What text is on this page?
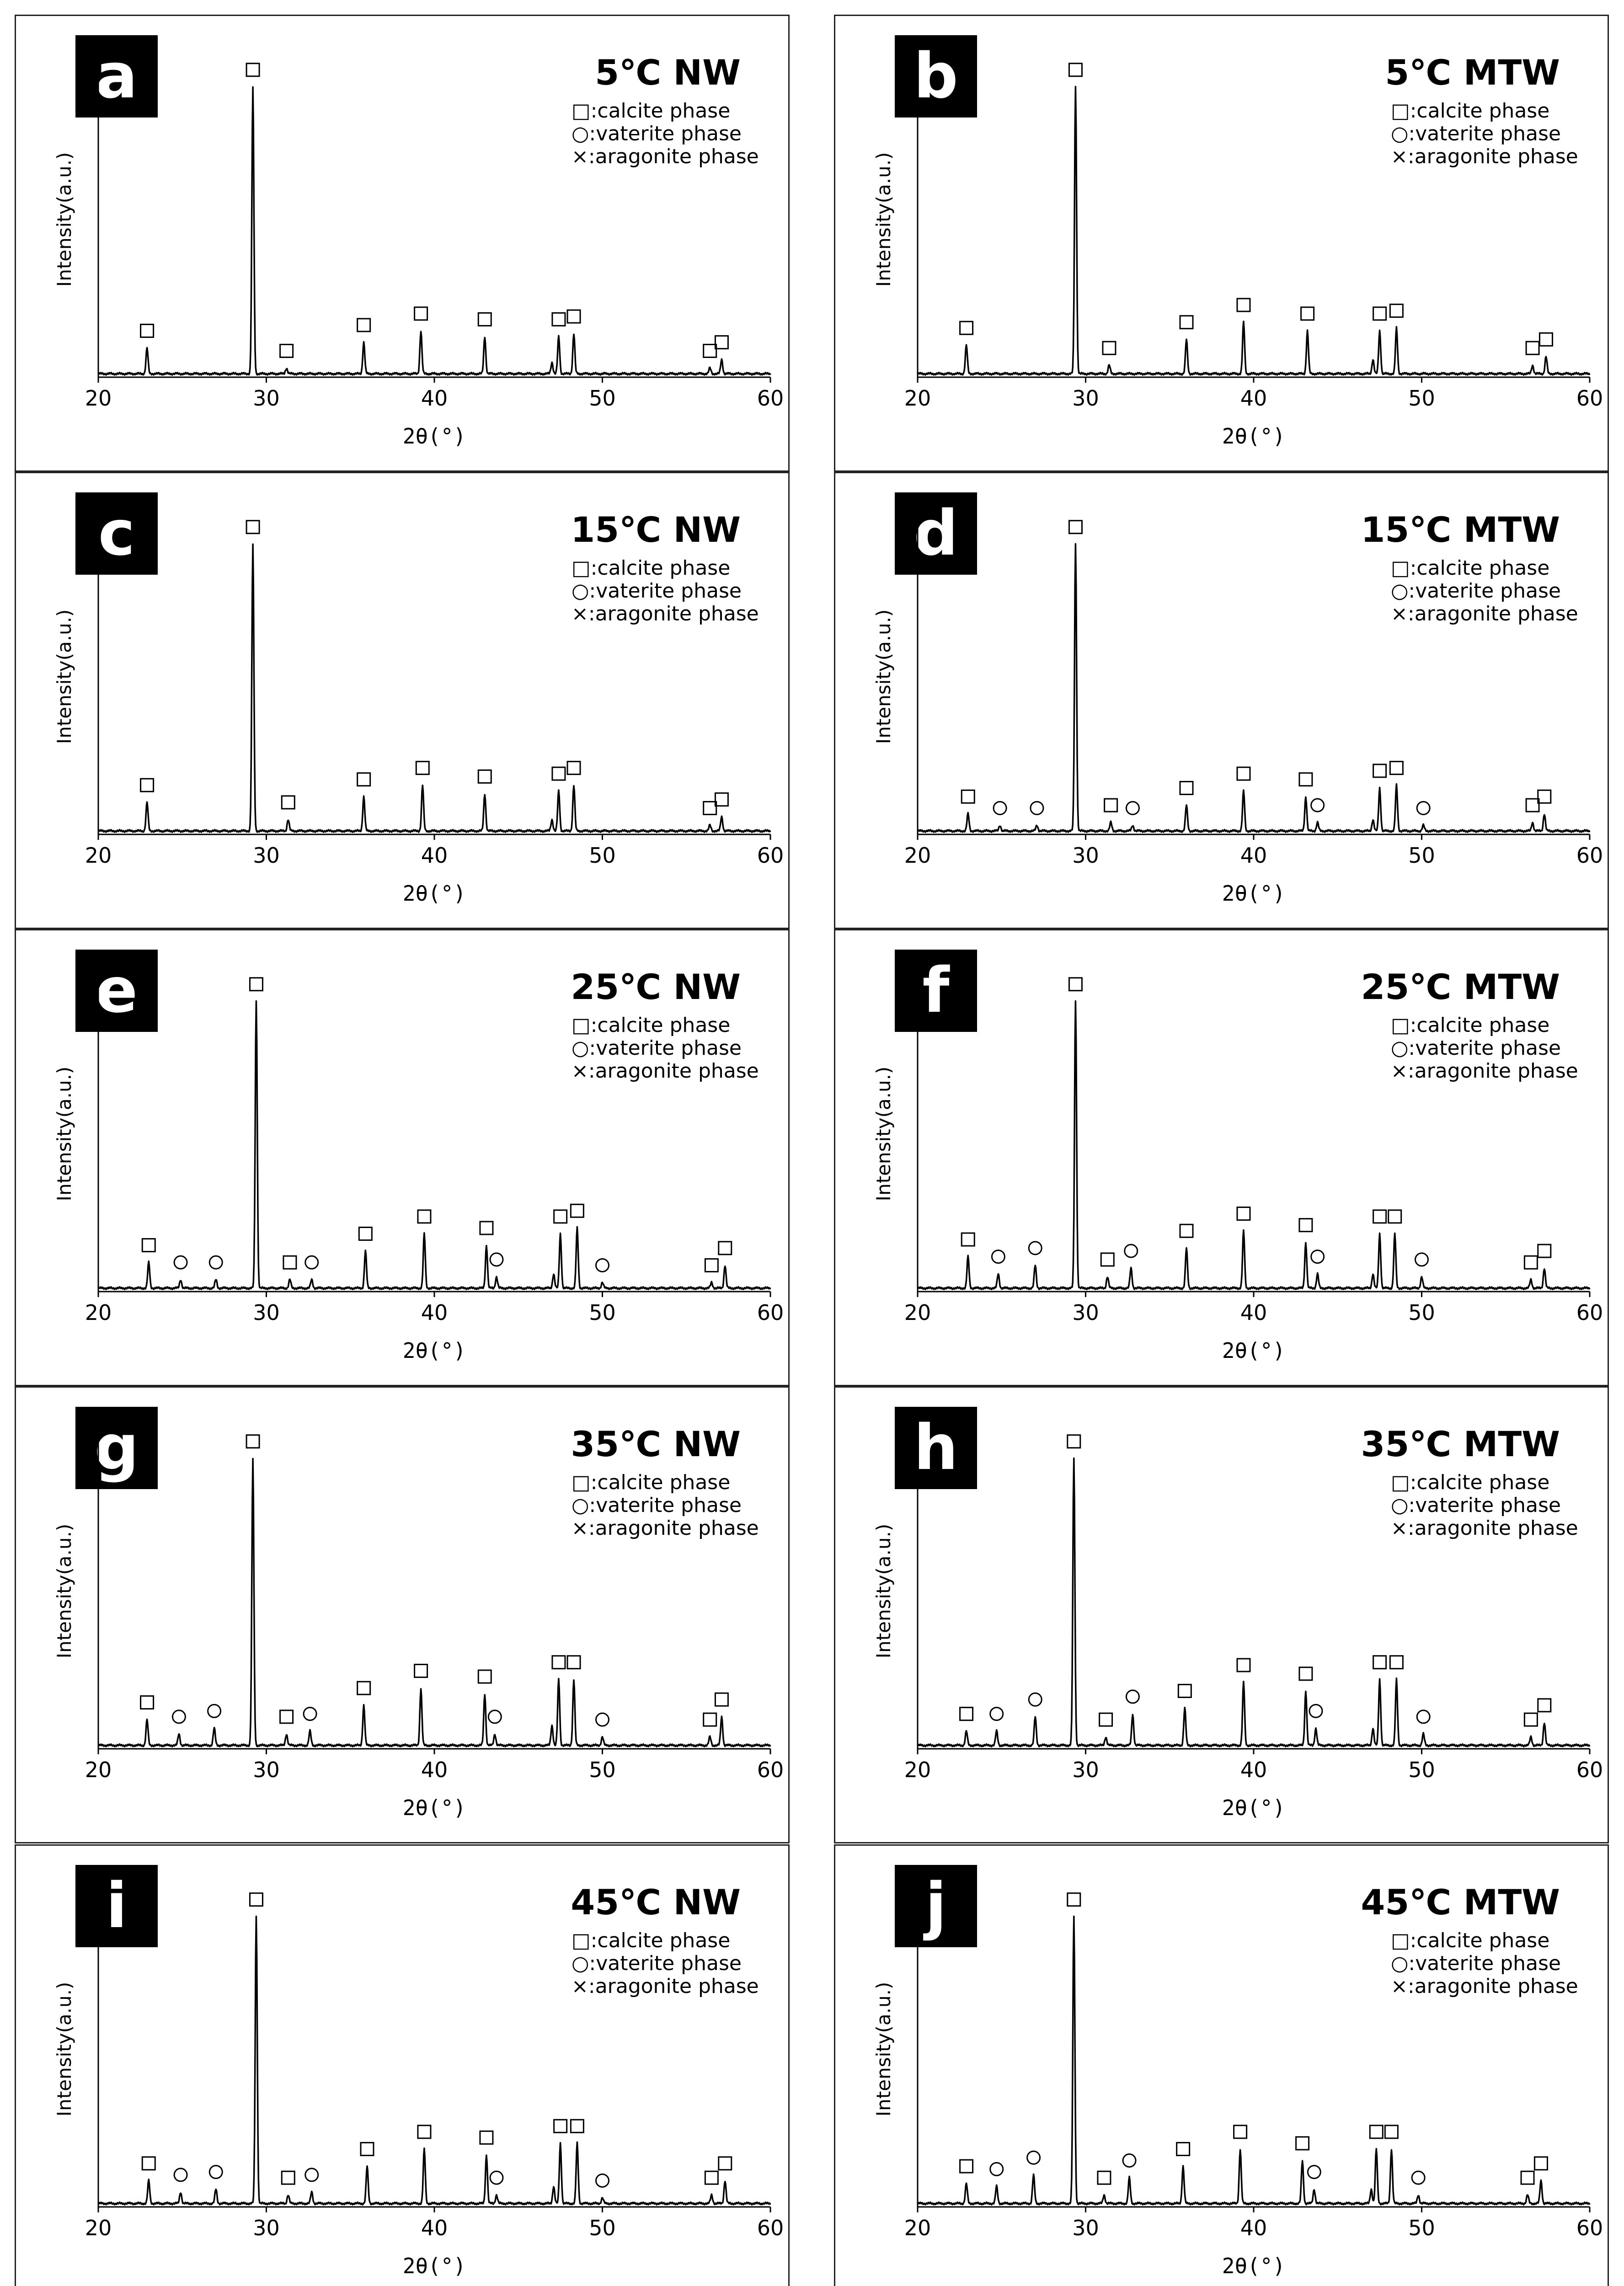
a	5℃ NW
□:calcite phase
○:vaterite phase
×:aragonite phase
20	30	40	50	60
2θ(°)
Intensity(a.u.)
b	5℃ MTW
□:calcite phase
○:vaterite phase
×:aragonite phase
20	30	40	50	60
2θ(°)
Intensity(a.u.)
c	15℃ NW
□:calcite phase
○:vaterite phase
×:aragonite phase
20	30	40	50	60
2θ(°)
Intensity(a.u.)
d	15℃ MTW
□:calcite phase
○:vaterite phase
×:aragonite phase
20	30	40	50	60
2θ(°)
Intensity(a.u.)
e	25℃ NW
□:calcite phase
○:vaterite phase
×:aragonite phase
20	30	40	50	60
2θ(°)
Intensity(a.u.)
f	25℃ MTW
□:calcite phase
○:vaterite phase
×:aragonite phase
20	30	40	50	60
2θ(°)
Intensity(a.u.)
g	35℃ NW
□:calcite phase
○:vaterite phase
×:aragonite phase
20	30	40	50	60
2θ(°)
Intensity(a.u.)
h	35℃ MTW
□:calcite phase
○:vaterite phase
×:aragonite phase
20	30	40	50	60
2θ(°)
Intensity(a.u.)
i	45℃ NW
□:calcite phase
○:vaterite phase
×:aragonite phase
20	30	40	50	60
2θ(°)
Intensity(a.u.)
j	45℃ MTW
□:calcite phase
○:vaterite phase
×:aragonite phase
20	30	40	50	60
2θ(°)
Intensity(a.u.)
